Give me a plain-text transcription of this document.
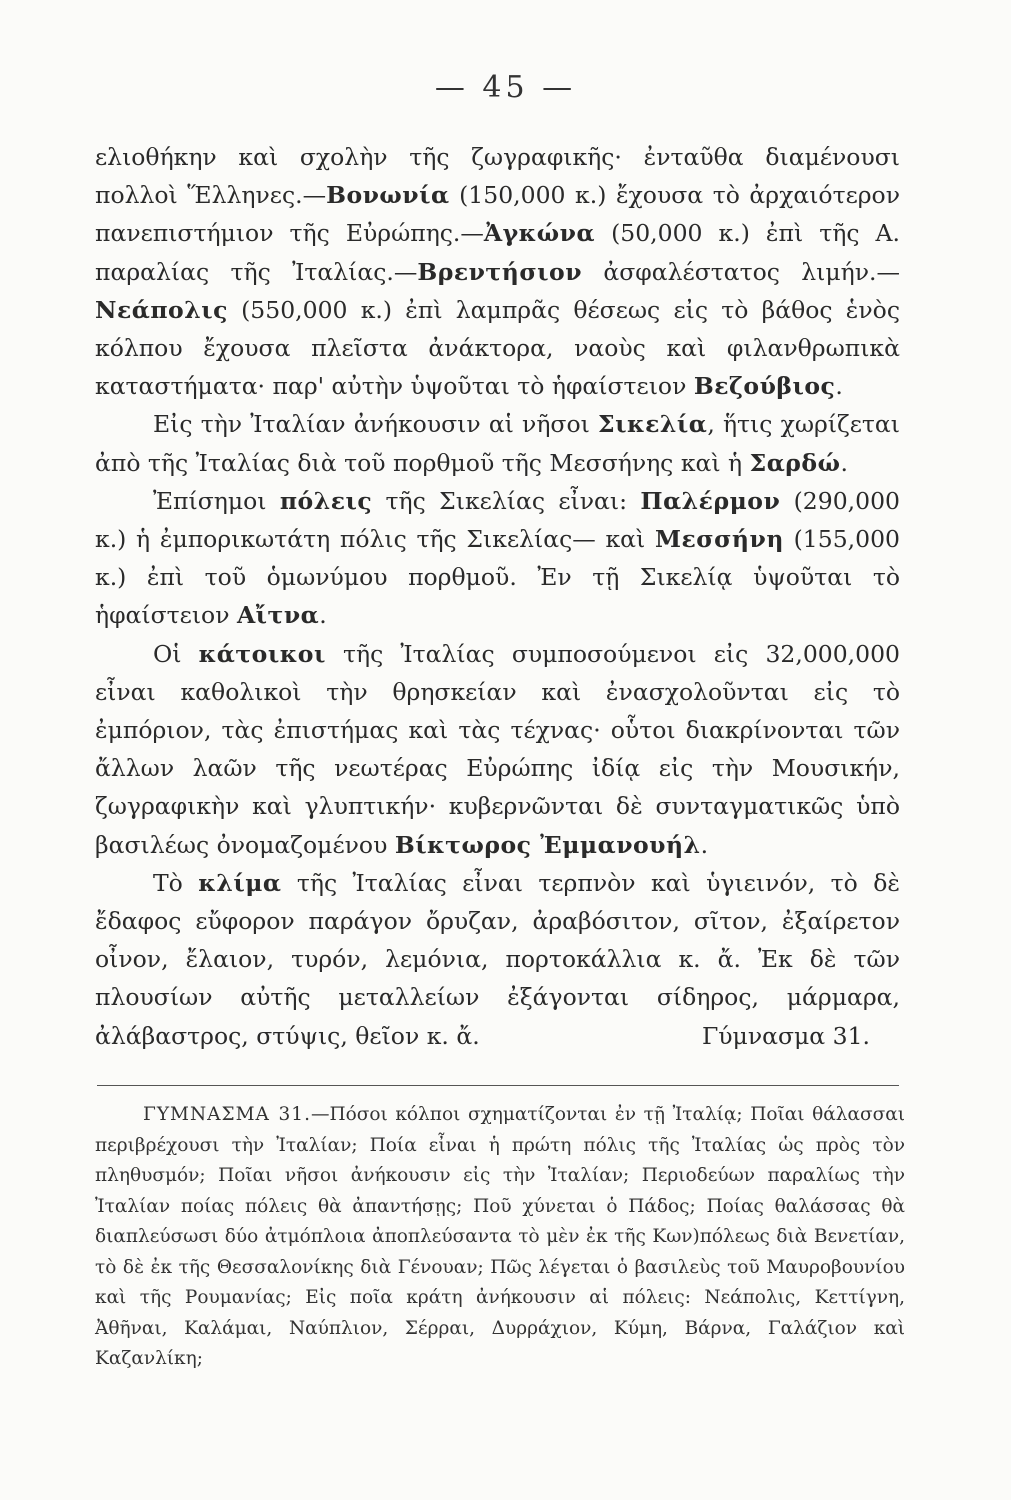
— 45 —

ελιοθήκην καὶ σχολὴν τῆς ζωγραφικῆς· ἐνταῦθα διαμένουσι πολλοὶ Ἕλληνες.—Βονωνία (150,000 κ.) ἔχουσα τὸ ἀρχαιότερον πανεπιστήμιον τῆς Εὐρώπης.—Ἀγκώνα (50,000 κ.) ἐπὶ τῆς Α. παραλίας τῆς Ἰταλίας.—Βρεντήσιον ἀσφαλέστατος λιμήν.—Νεάπολις (550,000 κ.) ἐπὶ λαμπρᾶς θέσεως εἰς τὸ βάθος ἑνὸς κόλπου ἔχουσα πλεῖστα ἀνάκτορα, ναοὺς καὶ φιλανθρωπικὰ καταστήματα· παρ' αὐτὴν ὑψοῦται τὸ ἡφαίστειον Βεζούβιος.

Εἰς τὴν Ἰταλίαν ἀνήκουσιν αἱ νῆσοι Σικελία, ἥτις χωρίζεται ἀπὸ τῆς Ἰταλίας διὰ τοῦ πορθμοῦ τῆς Μεσσήνης καὶ ἡ Σαρδώ.

Ἐπίσημοι πόλεις τῆς Σικελίας εἶναι: Παλέρμον (290,000 κ.) ἡ ἐμπορικωτάτη πόλις τῆς Σικελίας— καὶ Μεσσήνη (155,000 κ.) ἐπὶ τοῦ ὁμωνύμου πορθμοῦ. Ἐν τῇ Σικελίᾳ ὑψοῦται τὸ ἡφαίστειον Αἴτνα.

Οἱ κάτοικοι τῆς Ἰταλίας συμποσούμενοι εἰς 32,000,000 εἶναι καθολικοὶ τὴν θρησκείαν καὶ ἐνασχολοῦνται εἰς τὸ ἐμπόριον, τὰς ἐπιστήμας καὶ τὰς τέχνας· οὗτοι διακρίνονται τῶν ἄλλων λαῶν τῆς νεωτέρας Εὐρώπης ἰδίᾳ εἰς τὴν Μουσικήν, ζωγραφικὴν καὶ γλυπτικήν· κυβερνῶνται δὲ συνταγματικῶς ὑπὸ βασιλέως ὀνομαζομένου Βίκτωρος Ἐμμανουήλ.

Τὸ κλίμα τῆς Ἰταλίας εἶναι τερπνὸν καὶ ὑγιεινόν, τὸ δὲ ἔδαφος εὔφορον παράγον ὄρυζαν, ἀραβόσιτον, σῖτον, ἐξαίρετον οἶνον, ἔλαιον, τυρόν, λεμόνια, πορτοκάλλια κ. ἄ. Ἐκ δὲ τῶν πλουσίων αὐτῆς μεταλλείων ἐξάγονται σίδηρος, μάρμαρα, ἀλάβαστρος, στύψις, θεῖον κ. ἄ.	Γύμνασμα 31.

ΓΥΜΝΑΣΜΑ 31.—Πόσοι κόλποι σχηματίζονται ἐν τῇ Ἰταλίᾳ; Ποῖαι θάλασσαι περιβρέχουσι τὴν Ἰταλίαν; Ποία εἶναι ἡ πρώτη πόλις τῆς Ἰταλίας ὡς πρὸς τὸν πληθυσμόν; Ποῖαι νῆσοι ἀνήκουσιν εἰς τὴν Ἰταλίαν; Περιοδεύων παραλίως τὴν Ἰταλίαν ποίας πόλεις θὰ ἀπαντήσῃς; Ποῦ χύνεται ὁ Πάδος; Ποίας θαλάσσας θὰ διαπλεύσωσι δύο ἀτμόπλοια ἀποπλεύσαντα τὸ μὲν ἐκ τῆς Κων)πόλεως διὰ Βενετίαν, τὸ δὲ ἐκ τῆς Θεσσαλονίκης διὰ Γένουαν; Πῶς λέγεται ὁ βασιλεὺς τοῦ Μαυροβουνίου καὶ τῆς Ρουμανίας; Εἰς ποῖα κράτη ἀνήκουσιν αἱ πόλεις: Νεάπολις, Κεττίγνη, Ἀθῆναι, Καλάμαι, Ναύπλιον, Σέρραι, Δυρράχιον, Κύμη, Βάρνα, Γαλάζιον καὶ Καζανλίκη;
